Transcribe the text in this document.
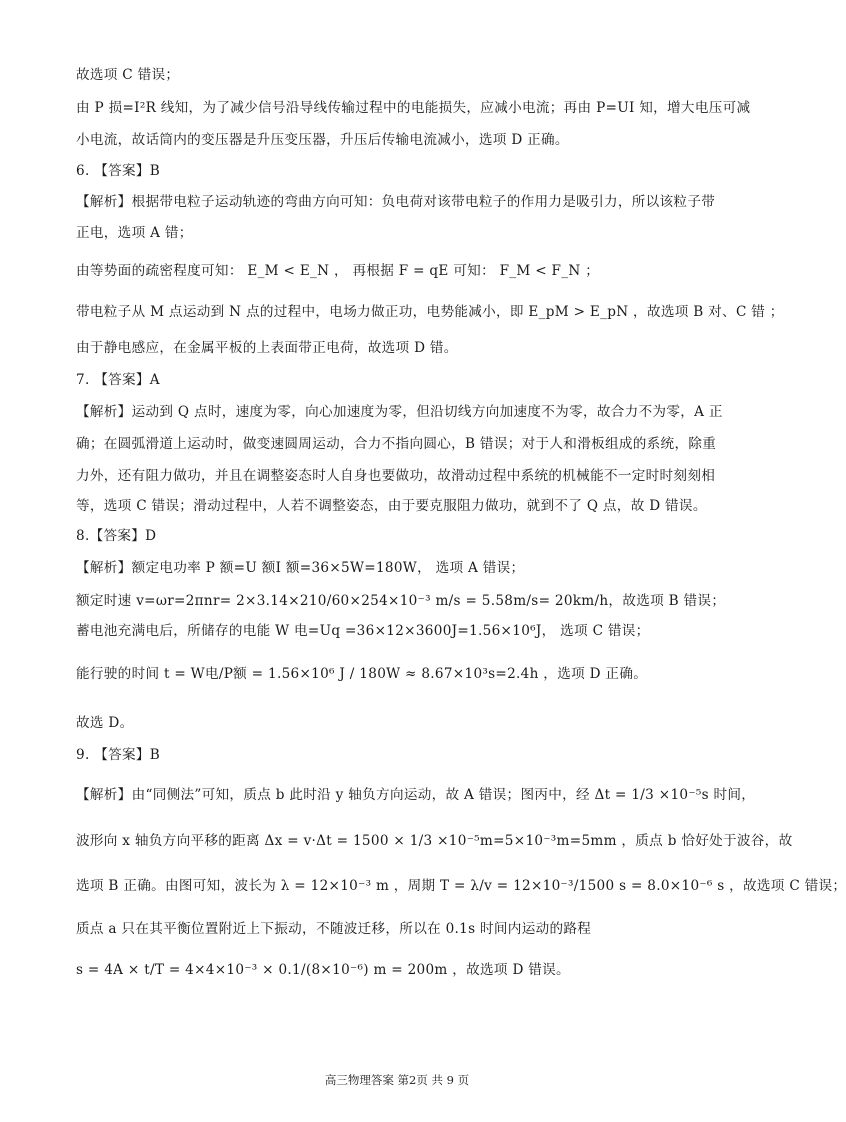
故选项 C 错误；
由 P 损=I²R 线知，为了减少信号沿导线传输过程中的电能损失，应减小电流；再由 P=UI 知，增大电压可减
小电流，故话筒内的变压器是升压变压器，升压后传输电流减小，选项 D 正确。
6. 【答案】B
【解析】根据带电粒子运动轨迹的弯曲方向可知：负电荷对该带电粒子的作用力是吸引力，所以该粒子带
正电，选项 A 错；
由等势面的疏密程度可知： E_M < E_N ， 再根据 F = qE 可知： F_M < F_N ；
带电粒子从 M 点运动到 N 点的过程中，电场力做正功，电势能减小，即 E_pM > E_pN ，故选项 B 对、C 错 ；
由于静电感应，在金属平板的上表面带正电荷，故选项 D 错。
7. 【答案】A
【解析】运动到 Q 点时，速度为零，向心加速度为零，但沿切线方向加速度不为零，故合力不为零，A 正
确；在圆弧滑道上运动时，做变速圆周运动，合力不指向圆心，B 错误；对于人和滑板组成的系统，除重
力外，还有阻力做功，并且在调整姿态时人自身也要做功，故滑动过程中系统的机械能不一定时时刻刻相
等，选项 C 错误；滑动过程中，人若不调整姿态，由于要克服阻力做功，就到不了 Q 点，故 D 错误。
8.【答案】D
【解析】额定电功率 P 额=U 额I 额=36×5W=180W， 选项 A 错误；
额定时速 v=ωr=2πnr= 2×3.14×210/60×254×10⁻³ m/s = 5.58m/s= 20km/h，故选项 B 错误；
蓄电池充满电后，所储存的电能 W 电=Uq =36×12×3600J=1.56×10⁶J， 选项 C 错误；
能行驶的时间 t = W电/P额 = 1.56×10⁶ J / 180W ≈ 8.67×10³s=2.4h ，选项 D 正确。
故选 D。
9. 【答案】B
【解析】由“同侧法”可知，质点 b 此时沿 y 轴负方向运动，故 A 错误；图丙中，经 Δt = 1/3 ×10⁻⁵s 时间，
波形向 x 轴负方向平移的距离 Δx = v·Δt = 1500 × 1/3 ×10⁻⁵m=5×10⁻³m=5mm ，质点 b 恰好处于波谷，故
选项 B 正确。由图可知，波长为 λ = 12×10⁻³ m ，周期 T = λ/v = 12×10⁻³/1500 s = 8.0×10⁻⁶ s ，故选项 C 错误；
质点 a 只在其平衡位置附近上下振动，不随波迁移，所以在 0.1s 时间内运动的路程
s = 4A × t/T = 4×4×10⁻³ × 0.1/(8×10⁻⁶) m = 200m ，故选项 D 错误。
高三物理答案 第2页 共 9 页
